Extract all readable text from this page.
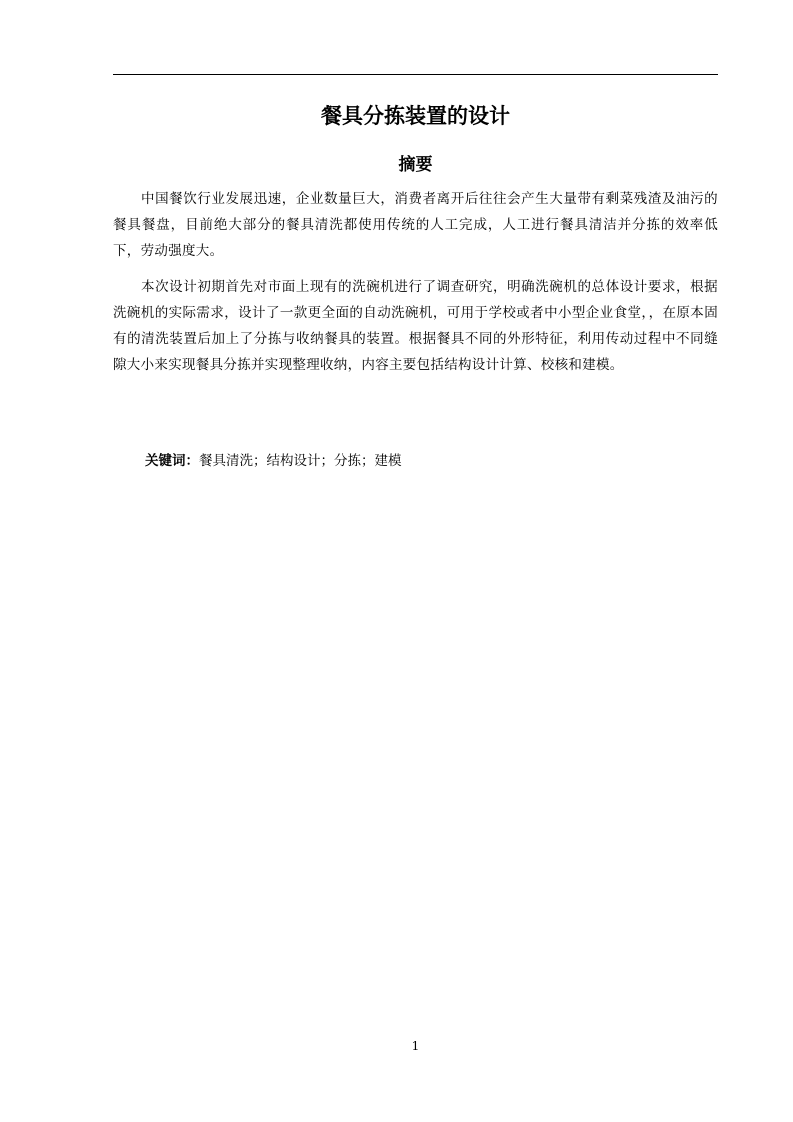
餐具分拣装置的设计
摘要

中国餐饮行业发展迅速，企业数量巨大，消费者离开后往往会产生大量带有剩菜残渣及油污的餐具餐盘，目前绝大部分的餐具清洗都使用传统的人工完成，人工进行餐具清洁并分拣的效率低下，劳动强度大。

本次设计初期首先对市面上现有的洗碗机进行了调查研究，明确洗碗机的总体设计要求，根据洗碗机的实际需求，设计了一款更全面的自动洗碗机，可用于学校或者中小型企业食堂，，在原本固有的清洗装置后加上了分拣与收纳餐具的装置。根据餐具不同的外形特征，利用传动过程中不同缝隙大小来实现餐具分拣并实现整理收纳，内容主要包括结构设计计算、校核和建模。

关键词：餐具清洗；结构设计；分拣；建模
1
